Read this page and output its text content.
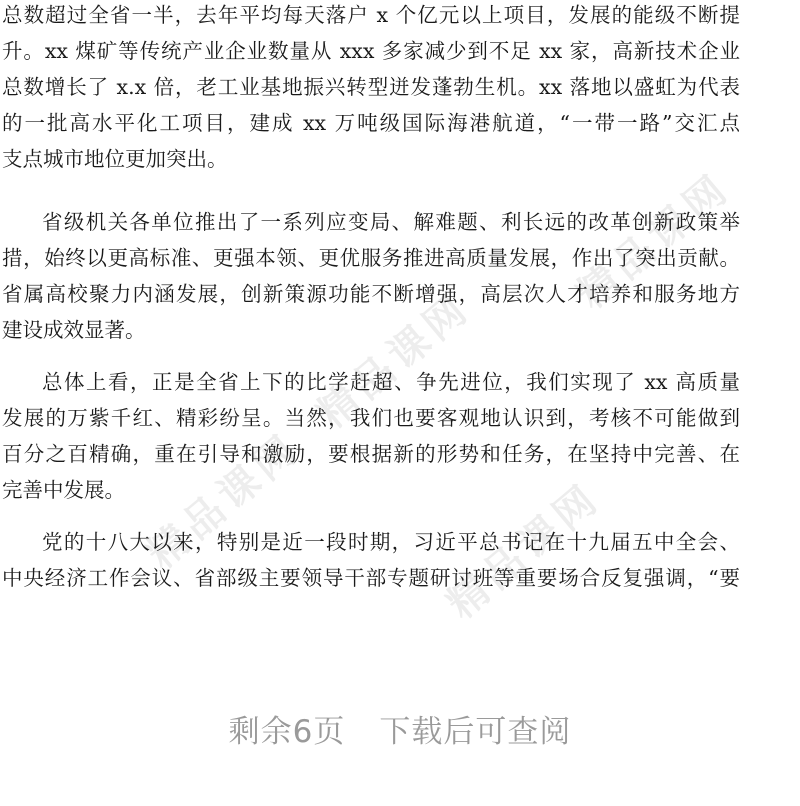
精品课网
精品课网
精品课网	精品课网
总数超过全省一半，去年平均每天落户 x 个亿元以上项目，发展的能级不断提
升。xx 煤矿等传统产业企业数量从 xxx 多家减少到不足 xx 家，高新技术企业
总数增长了 x.x 倍，老工业基地振兴转型迸发蓬勃生机。xx 落地以盛虹为代表
的一批高水平化工项目，建成 xx 万吨级国际海港航道，“一带一路”交汇点
支点城市地位更加突出。
省级机关各单位推出了一系列应变局、解难题、利长远的改革创新政策举
措，始终以更高标准、更强本领、更优服务推进高质量发展，作出了突出贡献。
省属高校聚力内涵发展，创新策源功能不断增强，高层次人才培养和服务地方
建设成效显著。
总体上看，正是全省上下的比学赶超、争先进位，我们实现了 xx 高质量
发展的万紫千红、精彩纷呈。当然，我们也要客观地认识到，考核不可能做到
百分之百精确，重在引导和激励，要根据新的形势和任务，在坚持中完善、在
完善中发展。
党的十八大以来，特别是近一段时期，习近平总书记在十九届五中全会、
中央经济工作会议、省部级主要领导干部专题研讨班等重要场合反复强调，“要
剩余6页 下载后可查阅
